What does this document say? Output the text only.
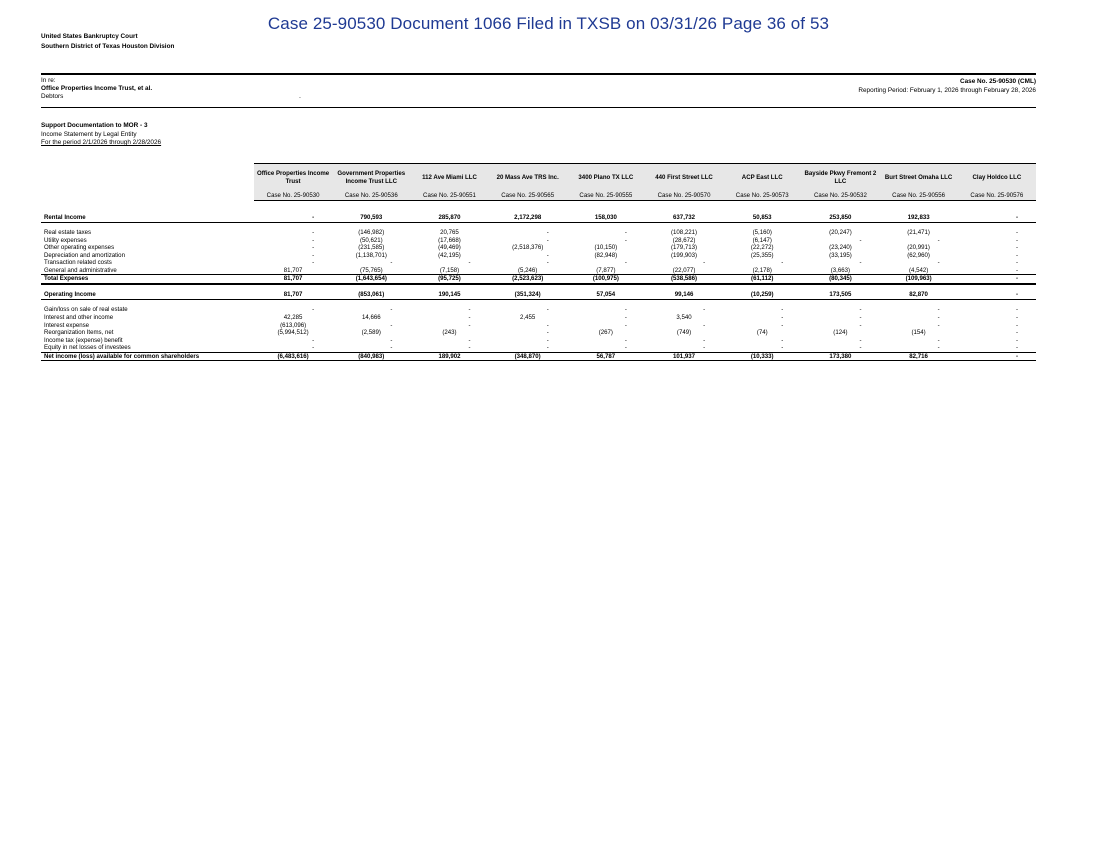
Case 25-90530 Document 1066 Filed in TXSB on 03/31/26 Page 36 of 53
United States Bankruptcy Court
Southern District of Texas Houston Division
In re:
Office Properties Income Trust, et al.
Debtors	.
Case No. 25-90530 (CML)
Reporting Period: February 1, 2026 through February 28, 2026
Support Documentation to MOR - 3
Income Statement by Legal Entity
For the period 2/1/2026 through 2/28/2026
	Office Properties Income Trust	Government Properties Income Trust LLC	112 Ave Miami LLC	20 Mass Ave TRS Inc.	3400 Plano TX LLC	440 First Street LLC	ACP East LLC	Bayside Pkwy Fremont 2 LLC	Burt Street Omaha LLC	Clay Holdco LLC
	Case No. 25-90530	Case No. 25-90536	Case No. 25-90551	Case No. 25-90565	Case No. 25-90555	Case No. 25-90570	Case No. 25-90573	Case No. 25-90532	Case No. 25-90556	Case No. 25-90576

Rental Income	-	790,593	285,870	2,172,298	158,030	637,732	50,853	253,850	192,833	-

Real estate taxes	-	(146,982)	20,765	-	-	(108,221)	(5,160)	(20,247)	(21,471)	-
Utility expenses	-	(50,621)	(17,668)	-	-	(28,672)	(6,147)	-	-	-
Other operating expenses	-	(231,585)	(49,469)	(2,518,376)	(10,150)	(179,713)	(22,272)	(23,240)	(20,991)	-
Depreciation and amortization	-	(1,138,701)	(42,195)	-	(82,948)	(199,903)	(25,355)	(33,195)	(62,960)	-
Transaction related costs	-	-	-	-	-	-	-	-	-	-
General and administrative	81,707	(75,765)	(7,158)	(5,246)	(7,877)	(22,077)	(2,178)	(3,663)	(4,542)	-
Total Expenses	81,707	(1,643,654)	(95,725)	(2,523,623)	(100,975)	(538,586)	(61,112)	(80,345)	(109,963)	-

Operating Income	81,707	(853,061)	190,145	(351,324)	57,054	99,146	(10,259)	173,505	82,870	-

Gain/loss on sale of real estate	-	-	-	-	-	-	-	-	-	-
Interest and other income	42,285	14,666	-	2,455	-	3,540	-	-	-	-
Interest expense	(613,096)	-	-	-	-	-	-	-	-	-
Reorganization Items, net	(5,994,512)	(2,589)	(243)	-	(267)	(749)	(74)	(124)	(154)	-
Income tax (expense) benefit	-	-	-	-	-	-	-	-	-	-
Equity in net losses of investees	-	-	-	-	-	-	-	-	-	-
Net income (loss) available for common shareholders	(6,483,616)	(840,983)	189,902	(348,870)	56,787	101,937	(10,333)	173,380	82,716	-
